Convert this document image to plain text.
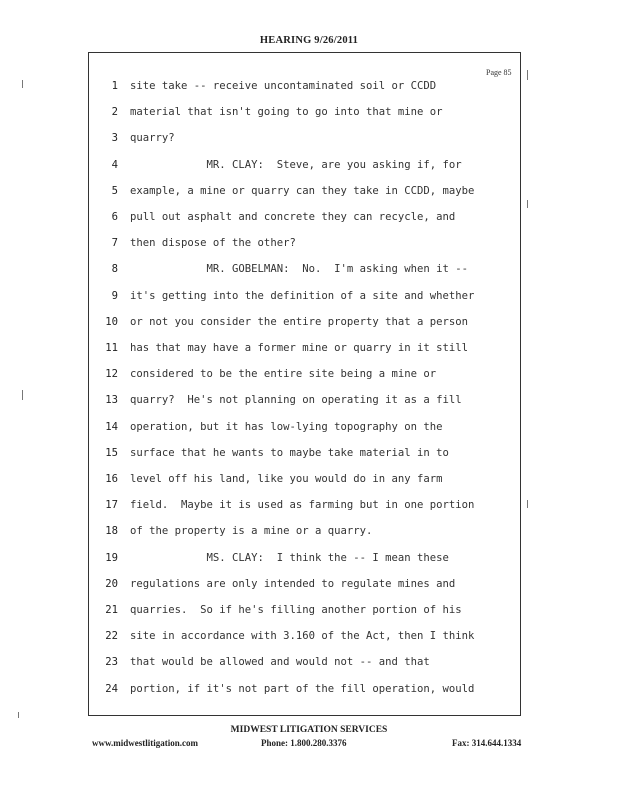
HEARING 9/26/2011
Page 85
1 site take -- receive uncontaminated soil or CCDD
2 material that isn't going to go into that mine or
3 quarry?
4            MR. CLAY:  Steve, are you asking if, for
5 example, a mine or quarry can they take in CCDD, maybe
6 pull out asphalt and concrete they can recycle, and
7 then dispose of the other?
8            MR. GOBELMAN:  No.  I'm asking when it --
9 it's getting into the definition of a site and whether
10 or not you consider the entire property that a person
11 has that may have a former mine or quarry in it still
12 considered to be the entire site being a mine or
13 quarry?  He's not planning on operating it as a fill
14 operation, but it has low-lying topography on the
15 surface that he wants to maybe take material in to
16 level off his land, like you would do in any farm
17 field.  Maybe it is used as farming but in one portion
18 of the property is a mine or a quarry.
19            MS. CLAY:  I think the -- I mean these
20 regulations are only intended to regulate mines and
21 quarries.  So if he's filling another portion of his
22 site in accordance with 3.160 of the Act, then I think
23 that would be allowed and would not -- and that
24 portion, if it's not part of the fill operation, would
MIDWEST LITIGATION SERVICES
www.midwestlitigation.com	Phone: 1.800.280.3376	Fax: 314.644.1334
